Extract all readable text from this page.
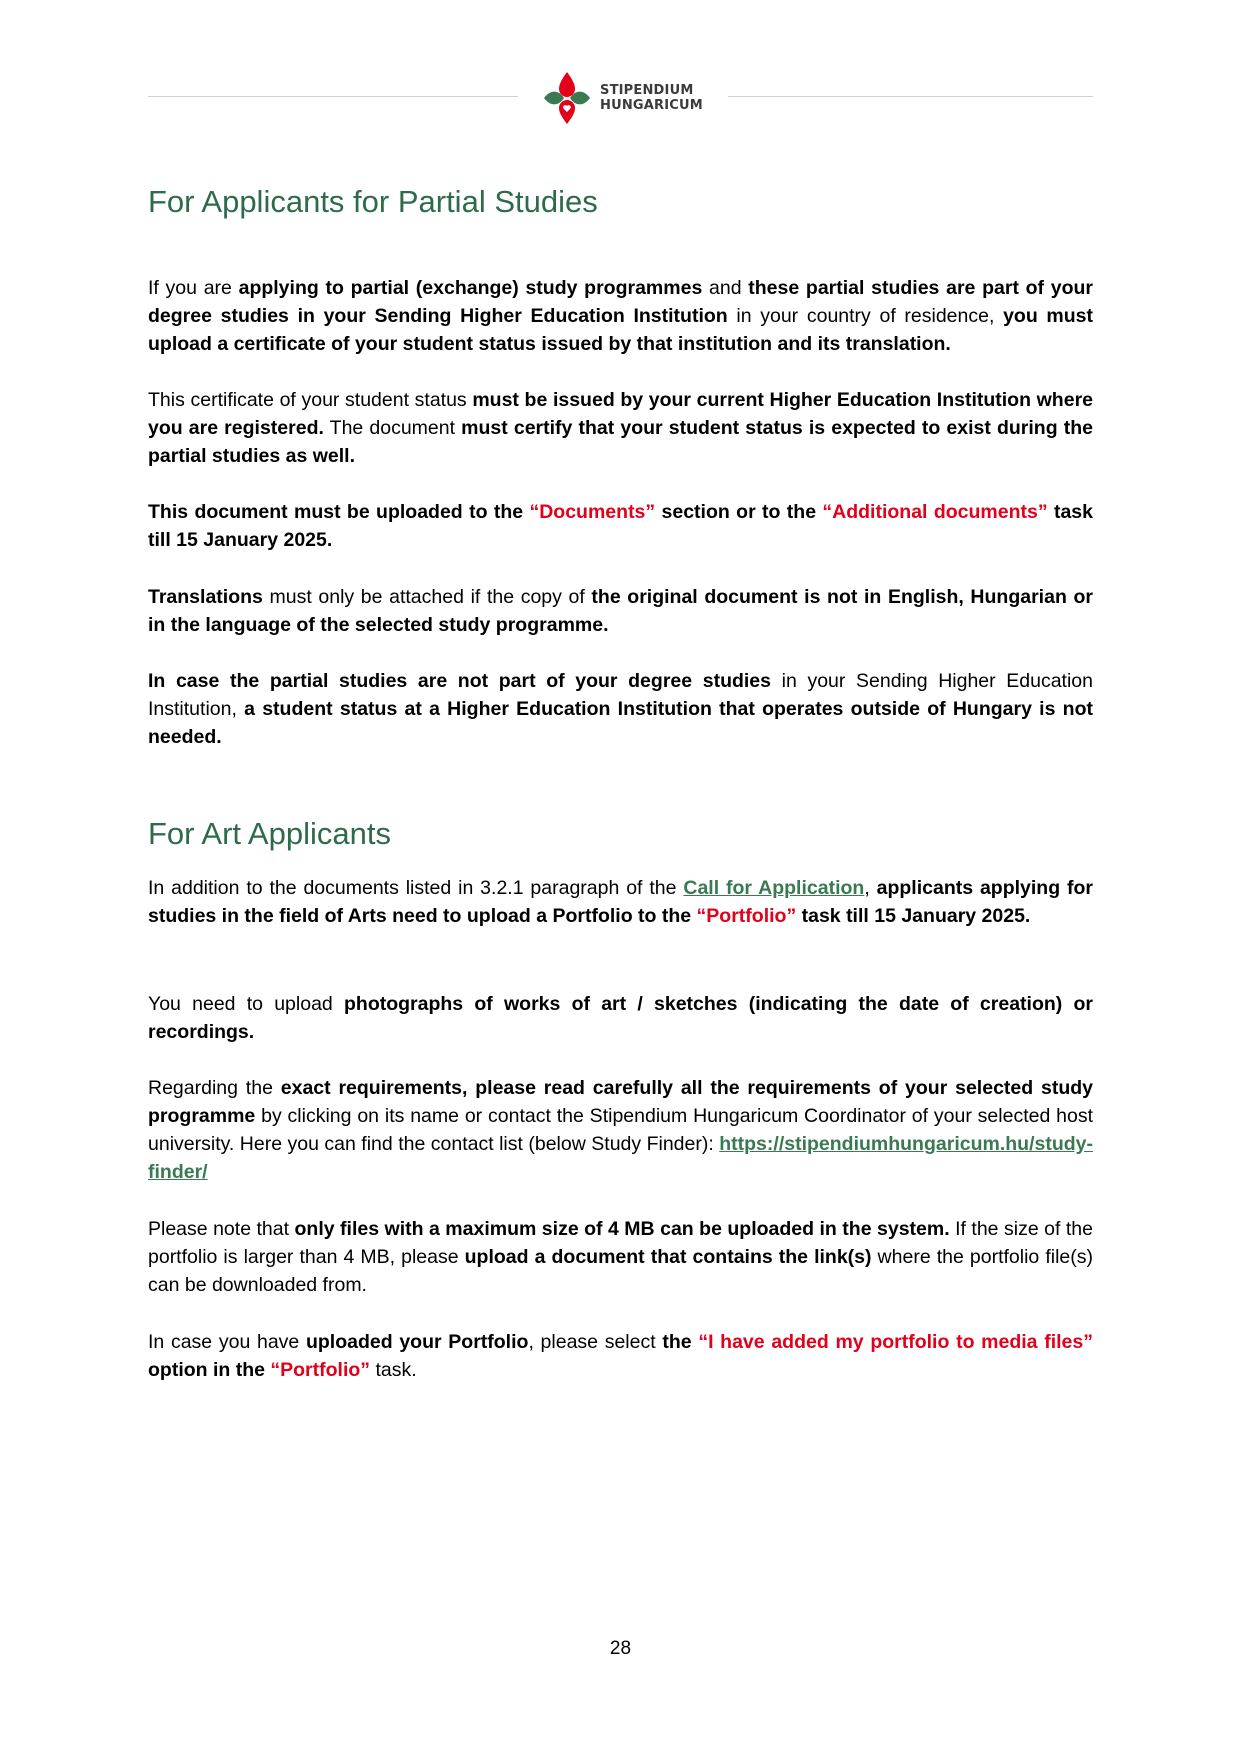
STIPENDIUM
HUNGARICUM
For Applicants for Partial Studies
If you are applying to partial (exchange) study programmes and these partial studies are part of your degree studies in your Sending Higher Education Institution in your country of residence, you must upload a certificate of your student status issued by that institution and its translation.
This certificate of your student status must be issued by your current Higher Education Institution where you are registered. The document must certify that your student status is expected to exist during the partial studies as well.
This document must be uploaded to the “Documents” section or to the “Additional documents” task till 15 January 2025.
Translations must only be attached if the copy of the original document is not in English, Hungarian or in the language of the selected study programme.
In case the partial studies are not part of your degree studies in your Sending Higher Education Institution, a student status at a Higher Education Institution that operates outside of Hungary is not needed.
For Art Applicants
In addition to the documents listed in 3.2.1 paragraph of the Call for Application, applicants applying for studies in the field of Arts need to upload a Portfolio to the “Portfolio” task till 15 January 2025.
You need to upload photographs of works of art / sketches (indicating the date of creation) or recordings.
Regarding the exact requirements, please read carefully all the requirements of your selected study programme by clicking on its name or contact the Stipendium Hungaricum Coordinator of your selected host university. Here you can find the contact list (below Study Finder): https://stipendiumhungaricum.hu/study-finder/
Please note that only files with a maximum size of 4 MB can be uploaded in the system. If the size of the portfolio is larger than 4 MB, please upload a document that contains the link(s) where the portfolio file(s) can be downloaded from.
In case you have uploaded your Portfolio, please select the “I have added my portfolio to media files” option in the “Portfolio” task.
28
